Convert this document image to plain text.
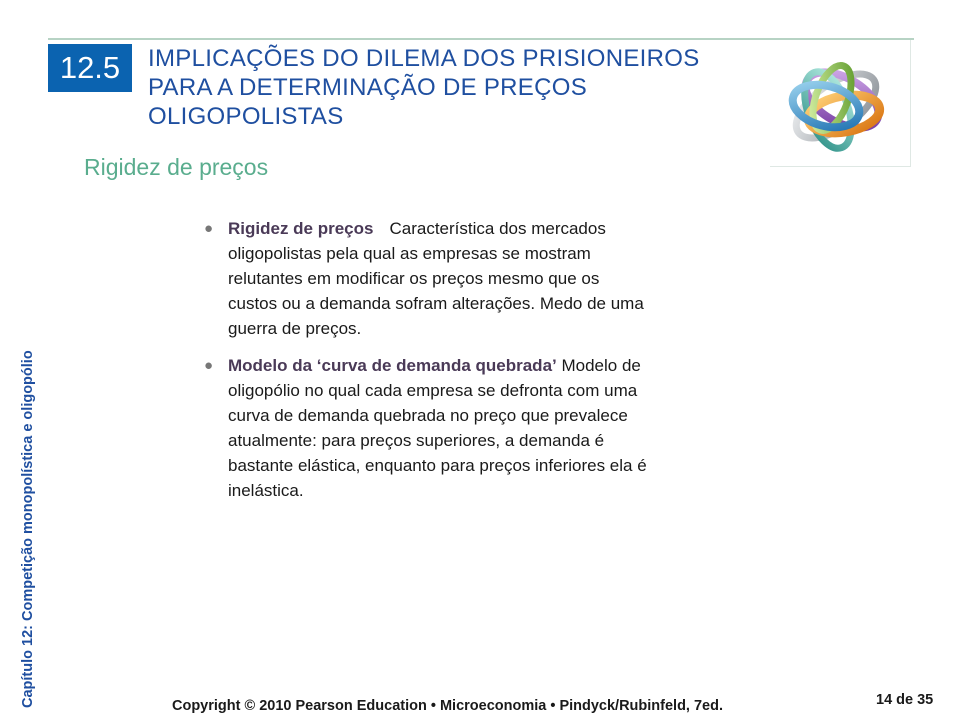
12.5	IMPLICAÇÕES DO DILEMA DOS PRISIONEIROS
PARA A DETERMINAÇÃO DE PREÇOS
OLIGOPOLISTAS
Rigidez de preços
Capítulo 12: Competição monopolística e oligopólio
● Rigidez de preços Característica dos mercados
oligopolistas pela qual as empresas se mostram
relutantes em modificar os preços mesmo que os
custos ou a demanda sofram alterações. Medo de uma
guerra de preços.
● Modelo da ‘curva de demanda quebrada’ Modelo de
oligopólio no qual cada empresa se defronta com uma
curva de demanda quebrada no preço que prevalece
atualmente: para preços superiores, a demanda é
bastante elástica, enquanto para preços inferiores ela é
inelástica.
Copyright © 2010 Pearson Education • Microeconomia • Pindyck/Rubinfeld, 7ed.	14 de 35
